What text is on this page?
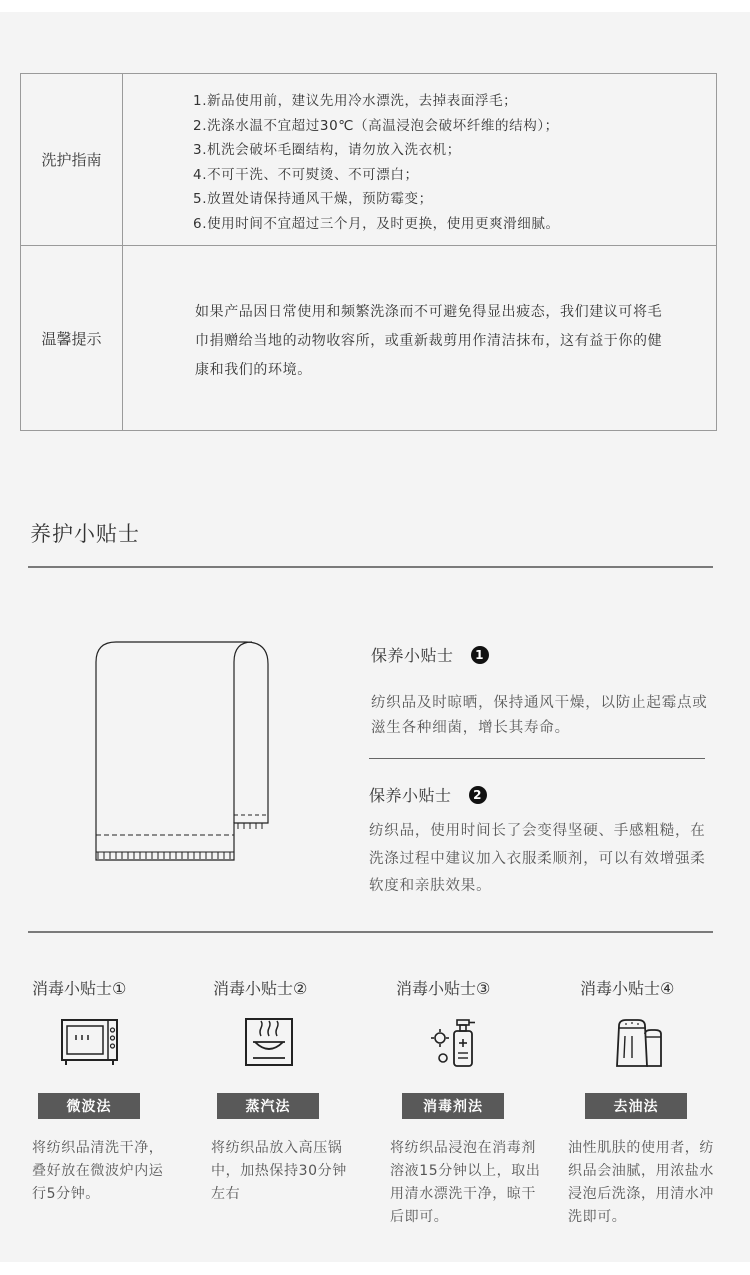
洗护指南
1.新品使用前，建议先用冷水漂洗，去掉表面浮毛；
2.洗涤水温不宜超过30℃（高温浸泡会破坏纤维的结构）；
3.机洗会破坏毛圈结构，请勿放入洗衣机；
4.不可干洗、不可熨烫、不可漂白；
5.放置处请保持通风干燥，预防霉变；
6.使用时间不宜超过三个月，及时更换，使用更爽滑细腻。
温馨提示
如果产品因日常使用和频繁洗涤而不可避免得显出疲态，我们建议可将毛巾捐赠给当地的动物收容所，或重新裁剪用作清洁抹布，这有益于你的健康和我们的环境。
养护小贴士
保养小贴士	1
纺织品及时晾晒，保持通风干燥，以防止起霉点或滋生各种细菌，增长其寿命。
保养小贴士	2
纺织品，使用时间长了会变得坚硬、手感粗糙，在洗涤过程中建议加入衣服柔顺剂，可以有效增强柔软度和亲肤效果。
消毒小贴士①
微波法
将纺织品清洗干净，叠好放在微波炉内运行5分钟。
消毒小贴士②
蒸汽法
将纺织品放入高压锅中，加热保持30分钟左右
消毒小贴士③
消毒剂法
将纺织品浸泡在消毒剂溶液15分钟以上，取出用清水漂洗干净，晾干后即可。
消毒小贴士④
去油法
油性肌肤的使用者，纺织品会油腻，用浓盐水浸泡后洗涤，用清水冲洗即可。
